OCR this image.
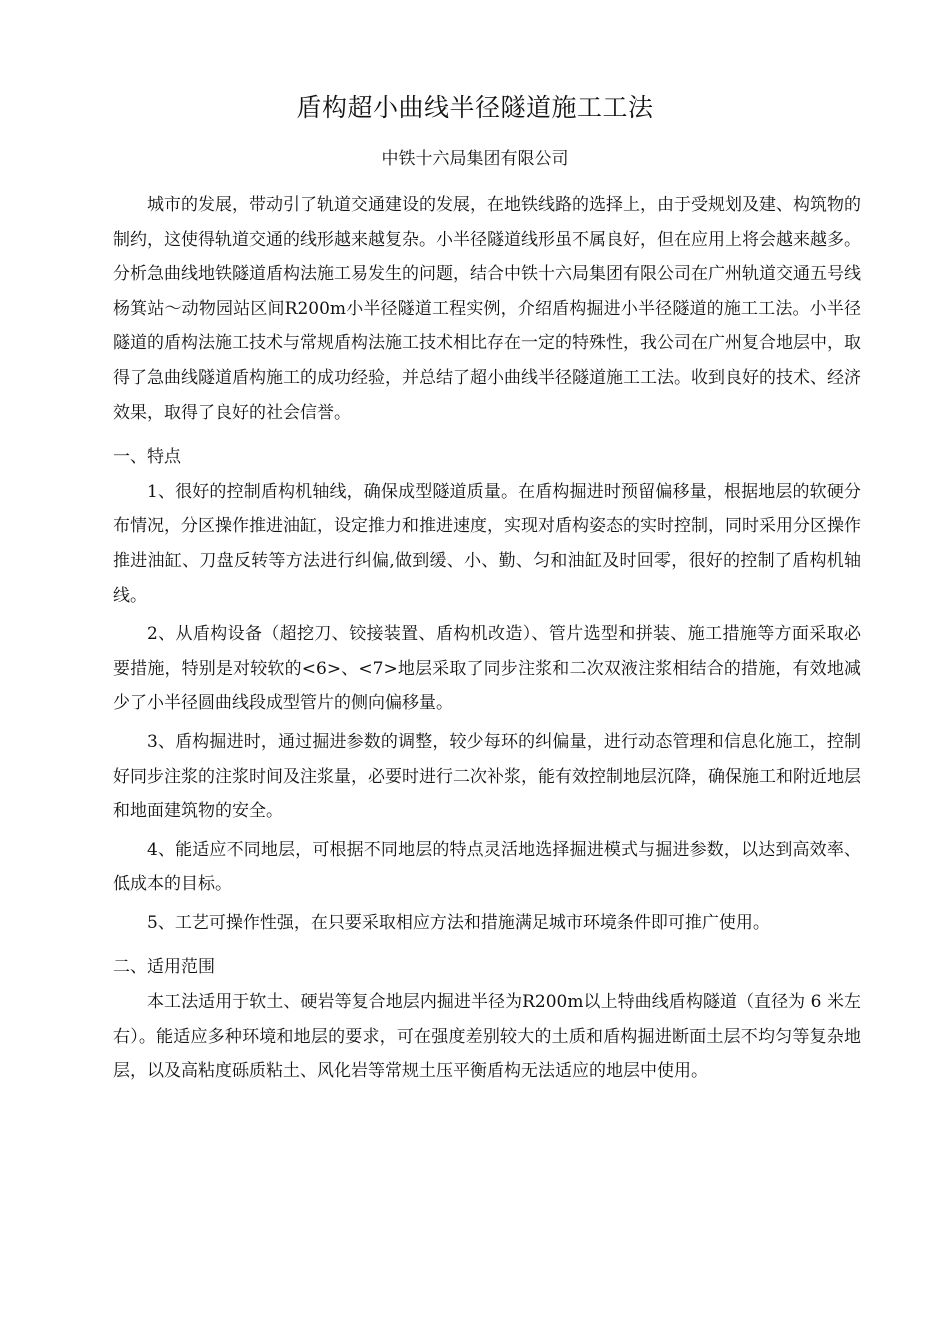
盾构超小曲线半径隧道施工工法

中铁十六局集团有限公司

城市的发展，带动引了轨道交通建设的发展，在地铁线路的选择上，由于受规划及建、构筑物的制约，这使得轨道交通的线形越来越复杂。小半径隧道线形虽不属良好，但在应用上将会越来越多。分析急曲线地铁隧道盾构法施工易发生的问题，结合中铁十六局集团有限公司在广州轨道交通五号线杨箕站～动物园站区间R200m小半径隧道工程实例，介绍盾构掘进小半径隧道的施工工法。小半径隧道的盾构法施工技术与常规盾构法施工技术相比存在一定的特殊性，我公司在广州复合地层中，取得了急曲线隧道盾构施工的成功经验，并总结了超小曲线半径隧道施工工法。收到良好的技术、经济效果，取得了良好的社会信誉。

一、特点

1、很好的控制盾构机轴线，确保成型隧道质量。在盾构掘进时预留偏移量，根据地层的软硬分布情况，分区操作推进油缸，设定推力和推进速度，实现对盾构姿态的实时控制，同时采用分区操作推进油缸、刀盘反转等方法进行纠偏,做到缓、小、勤、匀和油缸及时回零，很好的控制了盾构机轴线。

2、从盾构设备（超挖刀、铰接装置、盾构机改造）、管片选型和拼装、施工措施等方面采取必要措施，特别是对较软的<6>、<7>地层采取了同步注浆和二次双液注浆相结合的措施，有效地减少了小半径圆曲线段成型管片的侧向偏移量。

3、盾构掘进时，通过掘进参数的调整，较少每环的纠偏量，进行动态管理和信息化施工，控制好同步注浆的注浆时间及注浆量，必要时进行二次补浆，能有效控制地层沉降，确保施工和附近地层和地面建筑物的安全。

4、能适应不同地层，可根据不同地层的特点灵活地选择掘进模式与掘进参数，以达到高效率、低成本的目标。

5、工艺可操作性强，在只要采取相应方法和措施满足城市环境条件即可推广使用。

二、适用范围

本工法适用于软土、硬岩等复合地层内掘进半径为R200m以上特曲线盾构隧道（直径为 6 米左右）。能适应多种环境和地层的要求，可在强度差别较大的土质和盾构掘进断面土层不均匀等复杂地层，以及高粘度砾质粘土、风化岩等常规土压平衡盾构无法适应的地层中使用。
